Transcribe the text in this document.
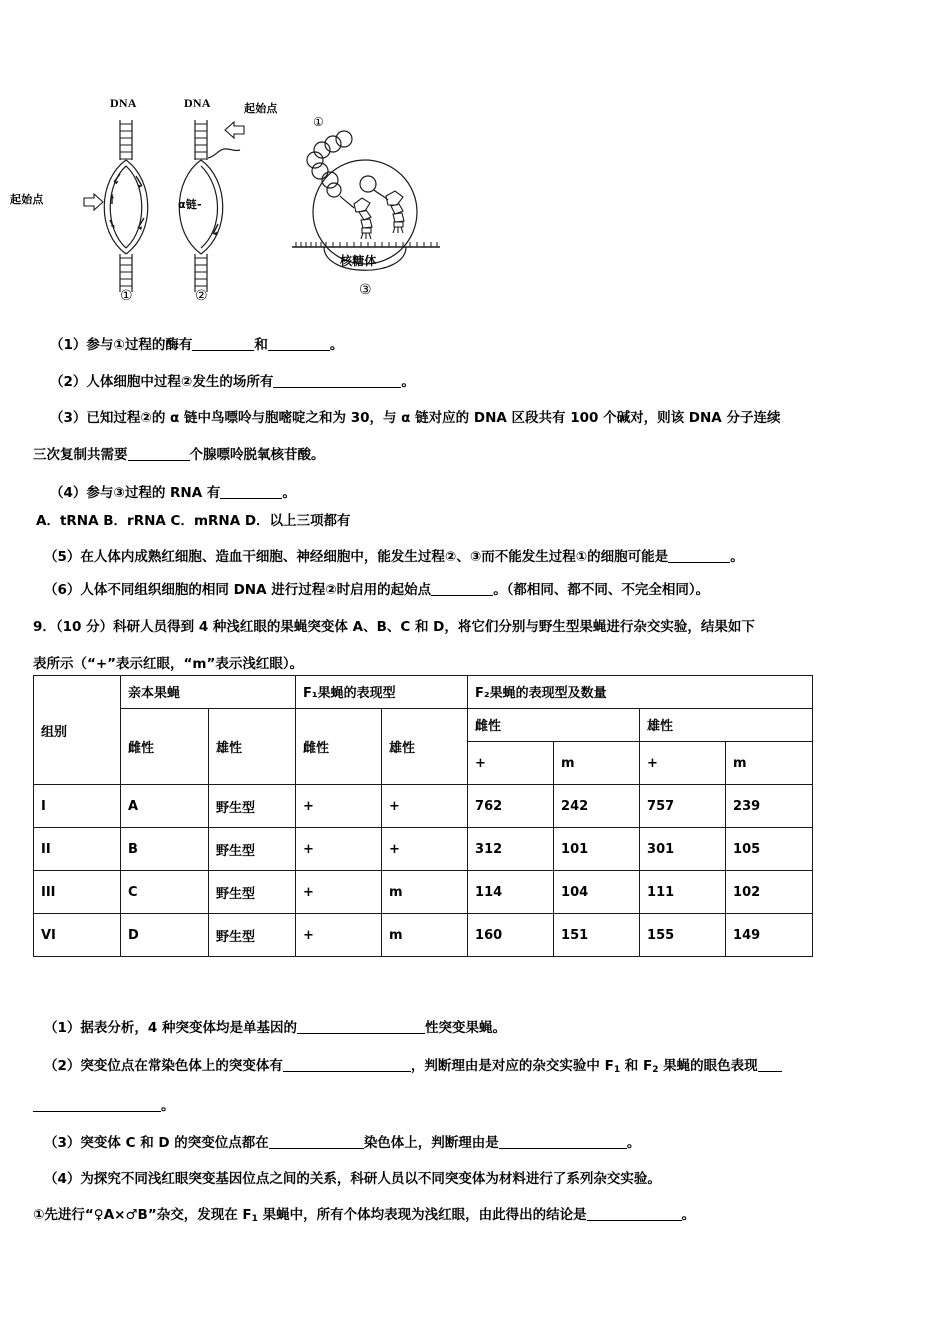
DNA	DNA	起始点
起始点	α链-
核糖体
①	②	③
①
（1）参与①过程的酶有	和	。
（2）人体细胞中过程②发生的场所有	。
（3）已知过程②的 α 链中鸟嘌呤与胞嘧啶之和为 30，与 α 链对应的 DNA 区段共有 100 个碱对，则该 DNA 分子连续
三次复制共需要	个腺嘌呤脱氧核苷酸。
（4）参与③过程的 RNA 有	。
A．tRNA B．rRNA C．mRNA D．以上三项都有
（5）在人体内成熟红细胞、造血干细胞、神经细胞中，能发生过程②、③而不能发生过程①的细胞可能是	。
（6）人体不同组织细胞的相同 DNA 进行过程②时启用的起始点	。（都相同、都不同、不完全相同）。
9．（10 分）科研人员得到 4 种浅红眼的果蝇突变体 A、B、C 和 D，将它们分别与野生型果蝇进行杂交实验，结果如下
表所示（“+”表示红眼，“m”表示浅红眼）。
组别	亲本果蝇		F₁果蝇的表现型		F₂果蝇的表现型及数量			
	雌性	雄性	雌性	雄性	雌性		雄性	
					+	m	+	m
I	A	野生型	+	+	762	242	757	239
II	B	野生型	+	+	312	101	301	105
III	C	野生型	+	m	114	104	111	102
VI	D	野生型	+	m	160	151	155	149
（1）据表分析，4 种突变体均是单基因的	性突变果蝇。
（2）突变位点在常染色体上的突变体有	，判断理由是对应的杂交实验中 $F_1$ 和 $F_2$ 果蝇的眼色表现
。
（3）突变体 C 和 D 的突变位点都在	染色体上，判断理由是	。
（4）为探究不同浅红眼突变基因位点之间的关系，科研人员以不同突变体为材料进行了系列杂交实验。
①先进行“♀A×♂B”杂交，发现在 $F_1$ 果蝇中，所有个体均表现为浅红眼，由此得出的结论是	。
